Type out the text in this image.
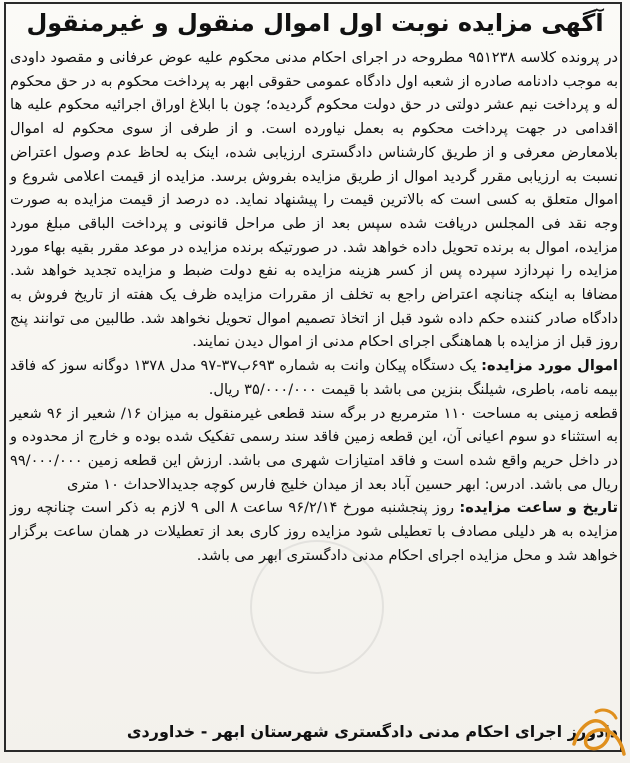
آگهی مزایده نوبت اول اموال منقول و غیرمنقول

در پرونده کلاسه ۹۵۱۲۳۸ مطروحه در اجرای احکام مدنی محکوم علیه عوض عرفانی و مقصود داودی به موجب دادنامه صادره از شعبه اول دادگاه عمومی حقوقی ابهر به پرداخت محکوم به در حق محکوم له و پرداخت نیم عشر دولتی در حق دولت محکوم گردیده؛ چون با ابلاغ اوراق اجرائیه محکوم علیه ها اقدامی در جهت پرداخت محکوم به بعمل نیاورده است. و از طرفی از سوی محکوم له اموال بلامعارض معرفی و از طریق کارشناس دادگستری ارزیابی شده، اینک به لحاظ عدم وصول اعتراض نسبت به ارزیابی مقرر گردید اموال از طریق مزایده بفروش برسد. مزایده از قیمت اعلامی شروع و اموال متعلق به کسی است که بالاترین قیمت را پیشنهاد نماید. ده درصد از قیمت مزایده به صورت وجه نقد فی المجلس دریافت شده سپس بعد از طی مراحل قانونی و پرداخت الباقی مبلغ مورد مزایده، اموال به برنده تحویل داده خواهد شد. در صورتیکه برنده مزایده در موعد مقرر بقیه بهاء مورد مزایده را نپردازد سپرده پس از کسر هزینه مزایده به نفع دولت ضبط و مزایده تجدید خواهد شد. مضافا به اینکه چنانچه اعتراض راجع به تخلف از مقررات مزایده ظرف یک هفته از تاریخ فروش به دادگاه صادر کننده حکم داده شود قبل از اتخاذ تصمیم اموال تحویل نخواهد شد. طالبین می توانند پنج روز قبل از مزایده با هماهنگی اجرای احکام مدنی از اموال دیدن نمایند.

اموال مورد مزایده: یک دستگاه پیکان وانت به شماره ۶۹۳ب۳۷-۹۷ مدل ۱۳۷۸ دوگانه سوز که فاقد بیمه نامه، باطری، شیلنگ بنزین می باشد با قیمت ۳۵/۰۰۰/۰۰۰ ریال.

قطعه زمینی به مساحت ۱۱۰ مترمربع در برگه سند قطعی غیرمنقول به میزان ۱۶/ شعیر از ۹۶ شعیر به استثناء دو سوم اعیانی آن، این قطعه زمین فاقد سند رسمی تفکیک شده بوده و خارج از محدوده و در داخل حریم واقع شده است و فاقد امتیازات شهری می باشد. ارزش این قطعه زمین ۹۹/۰۰۰/۰۰۰ ریال می باشد. ادرس: ابهر حسین آباد بعد از میدان خلیج فارس کوچه جدیدالاحداث ۱۰ متری

تاریخ و ساعت مزایده: روز پنجشنبه مورخ ۹۶/۲/۱۴ ساعت ۸ الی ۹ لازم به ذکر است چنانچه روز مزایده به هر دلیلی مصادف با تعطیلی شود مزایده روز کاری بعد از تعطیلات در همان ساعت برگزار خواهد شد و محل مزایده اجرای احکام مدنی دادگستری ابهر می باشد.

دادورز اجرای احکام مدنی دادگستری شهرستان ابهر - خداوردی
